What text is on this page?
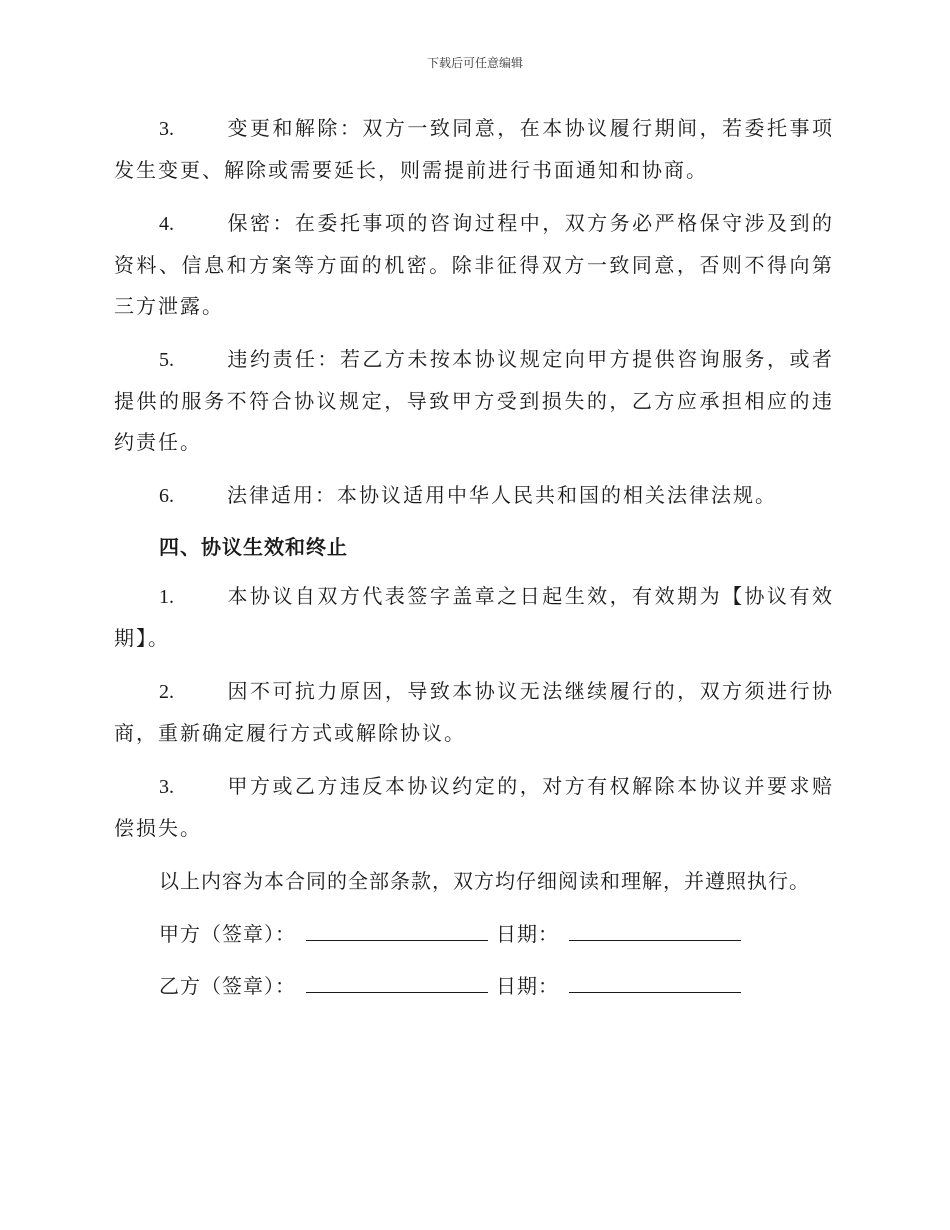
下载后可任意编辑

3.	变更和解除：双方一致同意，在本协议履行期间，若委托事项发生变更、解除或需要延长，则需提前进行书面通知和协商。

4.	保密：在委托事项的咨询过程中，双方务必严格保守涉及到的资料、信息和方案等方面的机密。除非征得双方一致同意，否则不得向第三方泄露。

5.	违约责任：若乙方未按本协议规定向甲方提供咨询服务，或者提供的服务不符合协议规定，导致甲方受到损失的，乙方应承担相应的违约责任。

6.	法律适用：本协议适用中华人民共和国的相关法律法规。

四、协议生效和终止

1.	本协议自双方代表签字盖章之日起生效，有效期为【协议有效期】。

2.	因不可抗力原因，导致本协议无法继续履行的，双方须进行协商，重新确定履行方式或解除协议。

3.	甲方或乙方违反本协议约定的，对方有权解除本协议并要求赔偿损失。

以上内容为本合同的全部条款，双方均仔细阅读和理解，并遵照执行。
甲方（签章）：	日期：
乙方（签章）：	日期：
